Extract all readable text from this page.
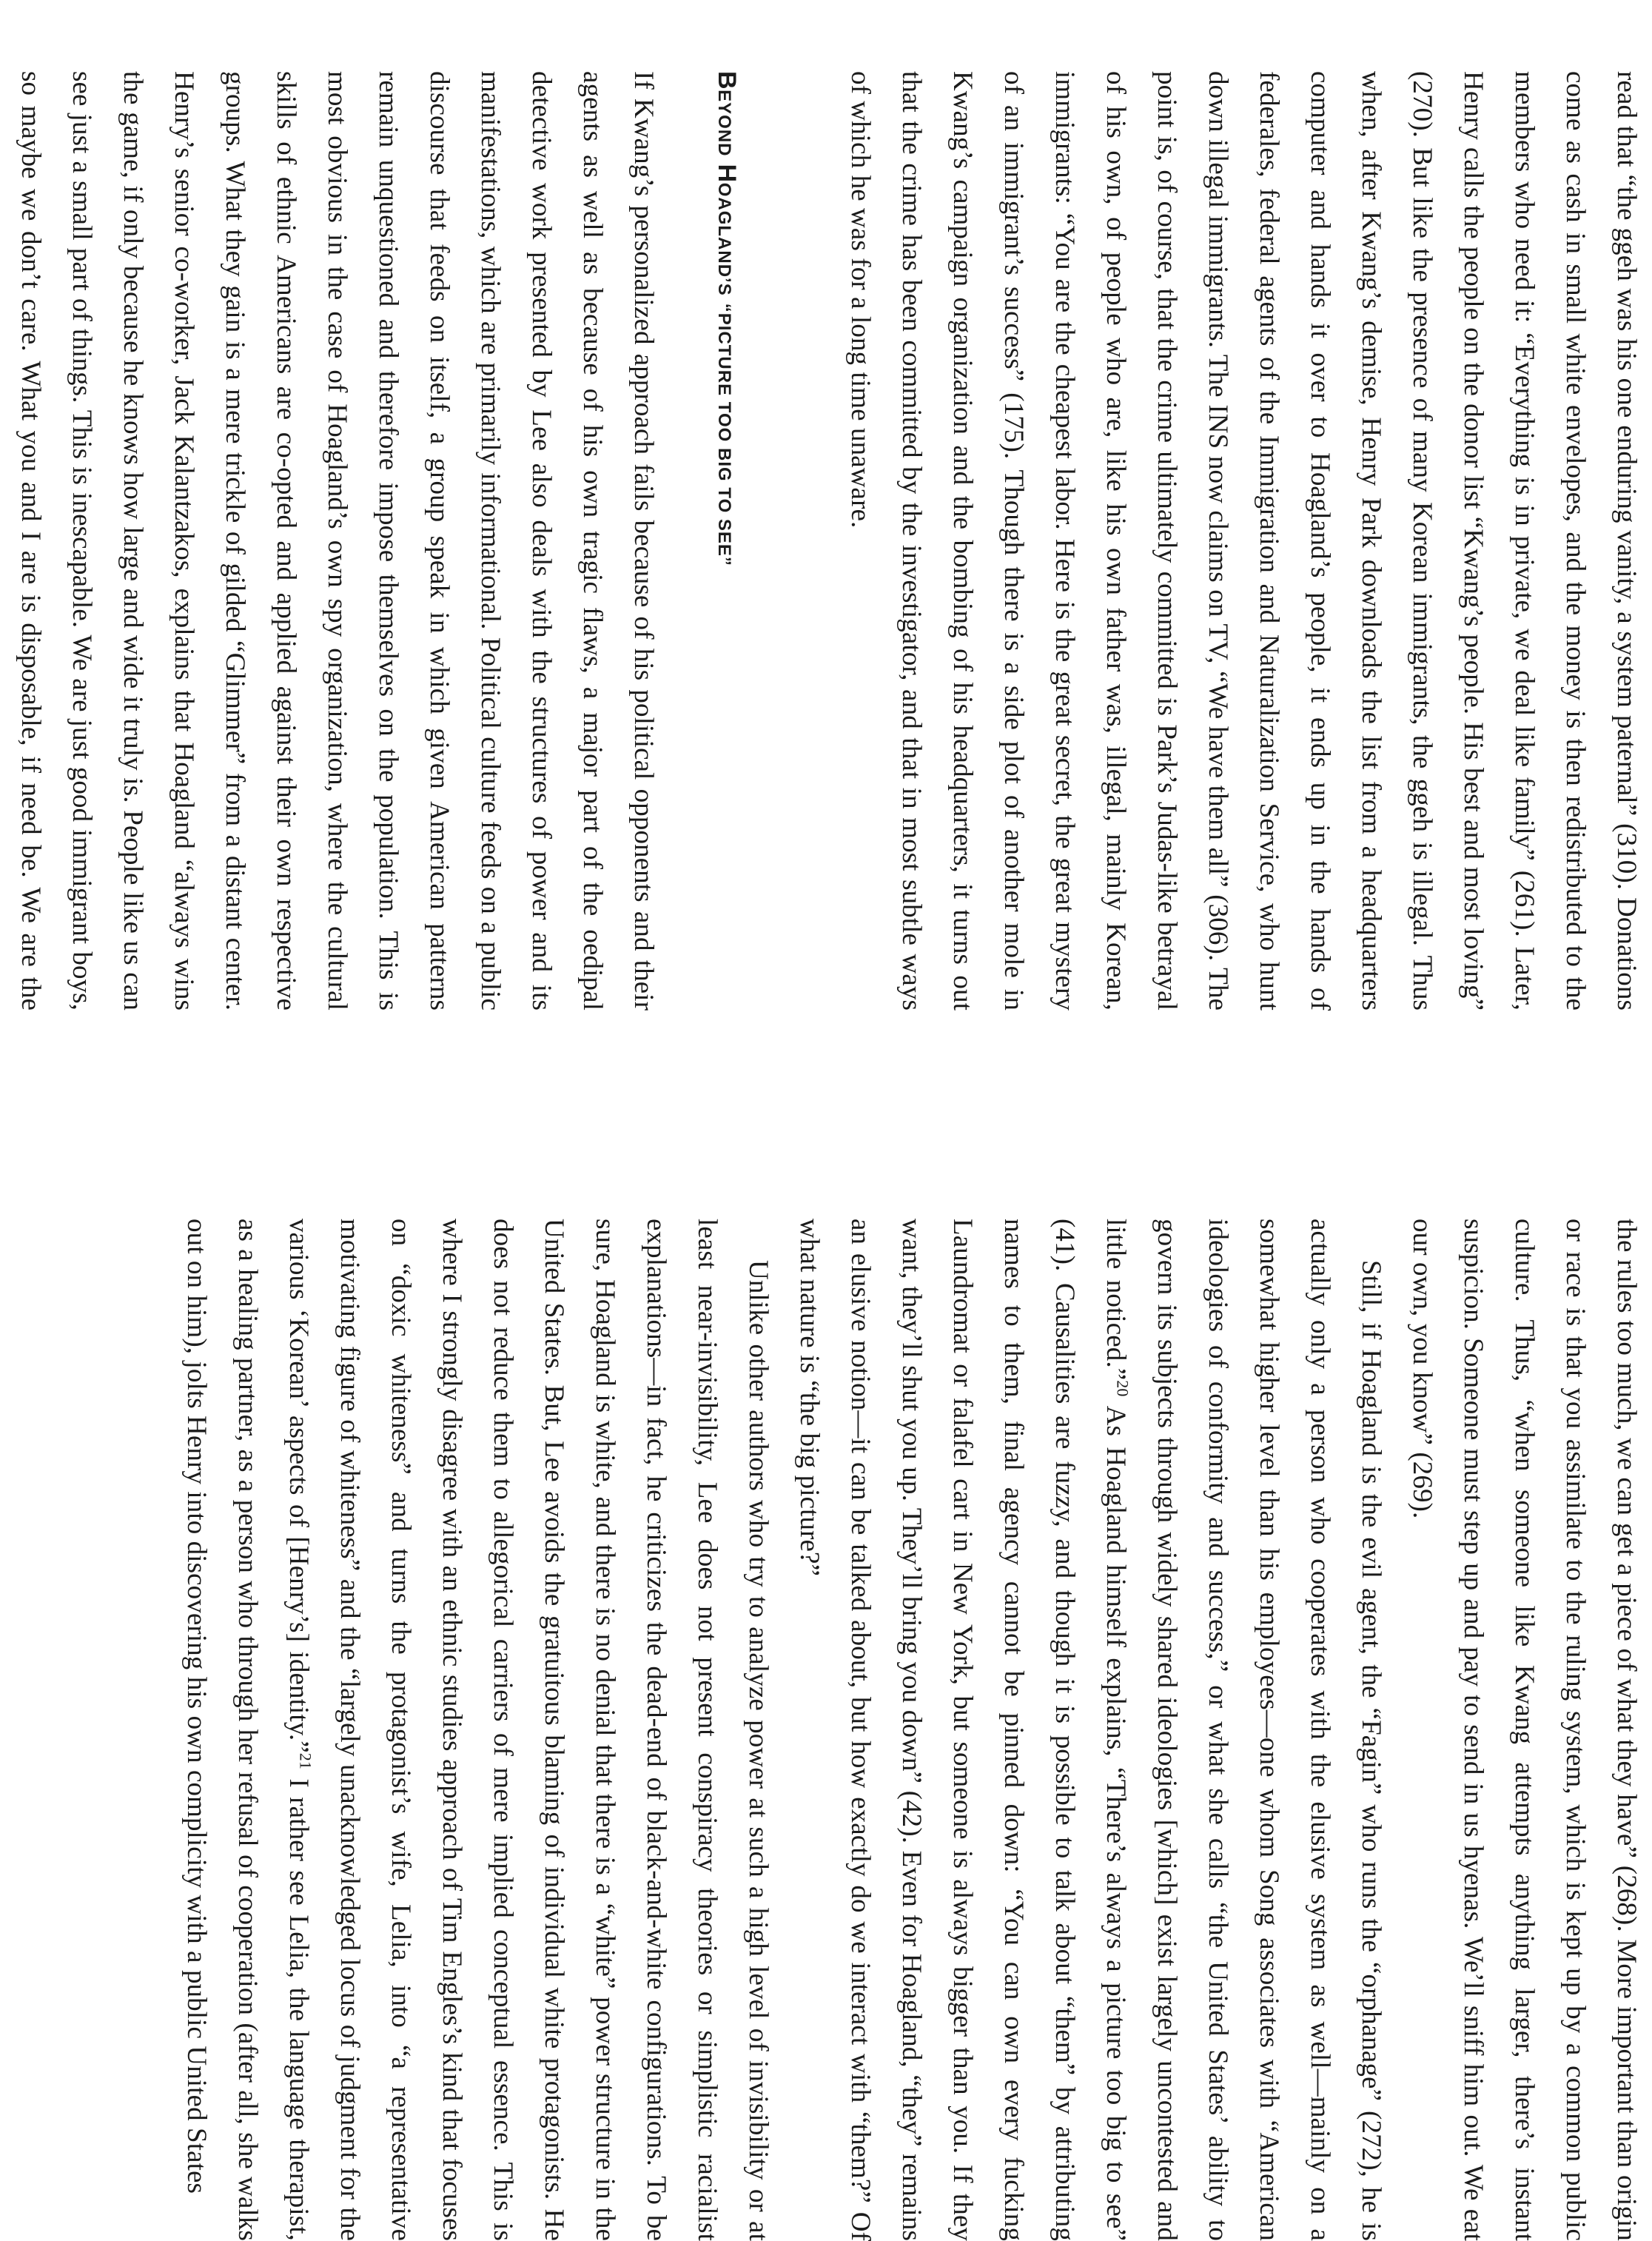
read that “the ggeh was his one enduring vanity, a system paternal” (310). Donations come as cash in small white envelopes, and the money is then redistributed to the members who need it: “Everything is in private, we deal like family” (261). Later, Henry calls the people on the donor list “Kwang’s people. His best and most loving” (270). But like the presence of many Korean immigrants, the ggeh is illegal. Thus when, after Kwang’s demise, Henry Park downloads the list from a headquarters computer and hands it over to Hoagland’s people, it ends up in the hands of federales, federal agents of the Immigration and Naturalization Service, who hunt down illegal immigrants. The INS now claims on TV, “We have them all” (306). The point is, of course, that the crime ultimately committed is Park’s Judas-like betrayal of his own, of people who are, like his own father was, illegal, mainly Korean, immigrants: “You are the cheapest labor. Here is the great secret, the great mystery of an immigrant’s success” (175). Though there is a side plot of another mole in Kwang’s campaign organization and the bombing of his headquarters, it turns out that the crime has been committed by the investigator, and that in most subtle ways of which he was for a long time unaware.

BEYOND HOAGLAND’S “PICTURE TOO BIG TO SEE”

If Kwang’s personalized approach fails because of his political opponents and their agents as well as because of his own tragic flaws, a major part of the oedipal detective work presented by Lee also deals with the structures of power and its manifestations, which are primarily informational. Political culture feeds on a public discourse that feeds on itself, a group speak in which given American patterns remain unquestioned and therefore impose themselves on the population. This is most obvious in the case of Hoagland’s own spy organization, where the cultural skills of ethnic Americans are co-opted and applied against their own respective groups. What they gain is a mere trickle of gilded “Glimmer” from a distant center. Henry’s senior co-worker, Jack Kalantzakos, explains that Hoagland “always wins the game, if only because he knows how large and wide it truly is. People like us can see just a small part of things. This is inescapable. We are just good immigrant boys, so maybe we don’t care. What you and I are is disposable, if need be. We are the

the rules too much, we can get a piece of what they have” (268). More important than origin or race is that you assimilate to the ruling system, which is kept up by a common public culture. Thus, “when someone like Kwang attempts anything larger, there’s instant suspicion. Someone must step up and pay to send in us hyenas. We’ll sniff him out. We eat our own, you know” (269).

Still, if Hoagland is the evil agent, the “Fagin” who runs the “orphanage” (272), he is actually only a person who cooperates with the elusive system as well—mainly on a somewhat higher level than his employees—one whom Song associates with “American ideologies of conformity and success,” or what she calls “the United States’ ability to govern its subjects through widely shared ideologies [which] exist largely uncontested and little noticed.”$^{20}$ As Hoagland himself explains, “There’s always a picture too big to see” (41). Causalities are fuzzy, and though it is possible to talk about “them” by attributing names to them, final agency cannot be pinned down: “You can own every fucking Laundromat or falafel cart in New York, but someone is always bigger than you. If they want, they’ll shut you up. They’ll bring you down” (42). Even for Hoagland, “they” remains an elusive notion—it can be talked about, but how exactly do we interact with “them?” Of what nature is “the big picture?”

Unlike other authors who try to analyze power at such a high level of invisibility or at least near-invisibility, Lee does not present conspiracy theories or simplistic racialist explanations—in fact, he criticizes the dead-end of black-and-white configurations. To be sure, Hoagland is white, and there is no denial that there is a “white” power structure in the United States. But, Lee avoids the gratuitous blaming of individual white protagonists. He does not reduce them to allegorical carriers of mere implied conceptual essence. This is where I strongly disagree with an ethnic studies approach of Tim Engles’s kind that focuses on “doxic whiteness” and turns the protagonist’s wife, Lelia, into “a representative motivating figure of whiteness” and the “largely unacknowledged locus of judgment for the various ‘Korean’ aspects of [Henry’s] identity.”$^{21}$ I rather see Lelia, the language therapist, as a healing partner, as a person who through her refusal of cooperation (after all, she walks out on him), jolts Henry into discovering his own complicity with a public United States
